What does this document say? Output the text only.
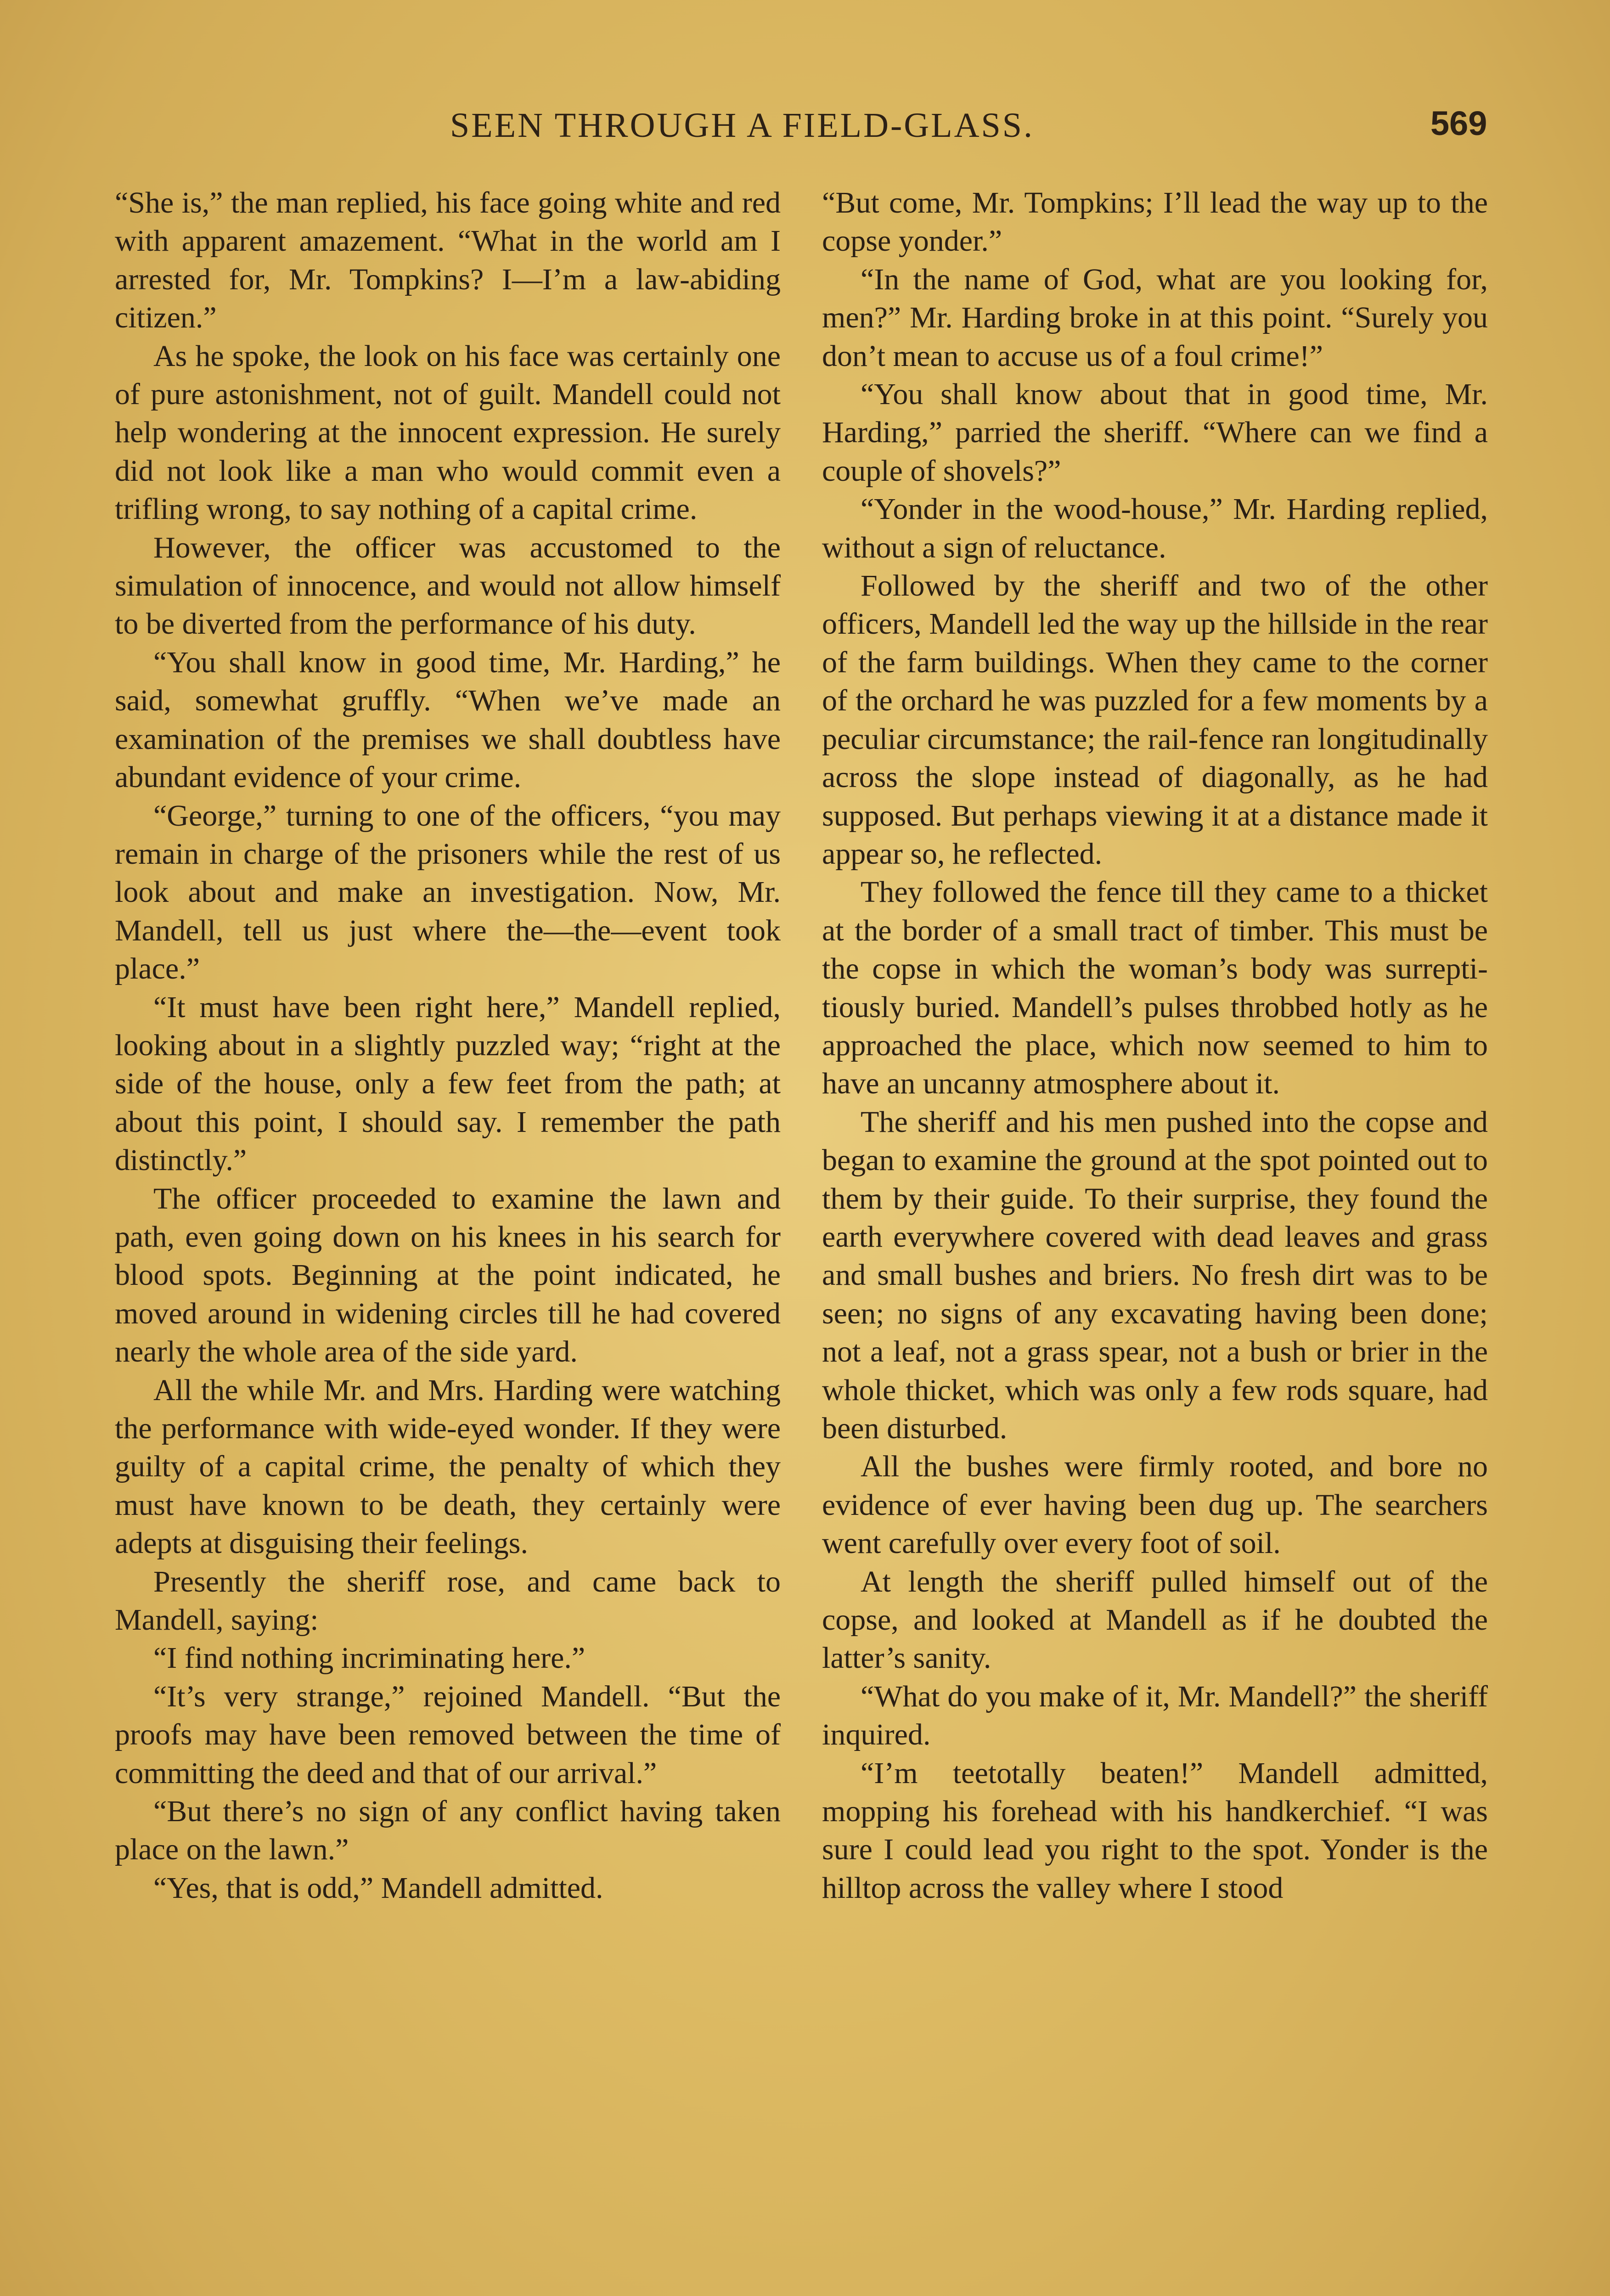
SEEN THROUGH A FIELD-GLASS.	569

“She is,” the man replied, his face going white and red with apparent amazement. “What in the world am I arrested for, Mr. Tompkins? I—I’m a law-abiding citizen.”

As he spoke, the look on his face was certainly one of pure astonishment, not of guilt. Mandell could not help wondering at the innocent expression. He surely did not look like a man who would commit even a trifling wrong, to say nothing of a capital crime.

However, the officer was accustomed to the simulation of innocence, and would not allow himself to be diverted from the performance of his duty.

“You shall know in good time, Mr. Harding,” he said, somewhat gruffly. “When we’ve made an examination of the premises we shall doubtless have abundant evidence of your crime.

“George,” turning to one of the officers, “you may remain in charge of the prisoners while the rest of us look about and make an investigation. Now, Mr. Mandell, tell us just where the—the—event took place.”

“It must have been right here,” Mandell replied, looking about in a slightly puzzled way; “right at the side of the house, only a few feet from the path; at about this point, I should say. I remember the path distinctly.”

The officer proceeded to examine the lawn and path, even going down on his knees in his search for blood spots. Beginning at the point indicated, he moved around in widening circles till he had covered nearly the whole area of the side yard.

All the while Mr. and Mrs. Harding were watching the performance with wide-eyed wonder. If they were guilty of a capital crime, the penalty of which they must have known to be death, they certainly were adepts at disguising their feelings.

Presently the sheriff rose, and came back to Mandell, saying:

“I find nothing incriminating here.”

“It’s very strange,” rejoined Mandell. “But the proofs may have been removed between the time of committing the deed and that of our arrival.”

“But there’s no sign of any conflict having taken place on the lawn.”

“Yes, that is odd,” Mandell admitted.

“But come, Mr. Tompkins; I’ll lead the way up to the copse yonder.”

“In the name of God, what are you looking for, men?” Mr. Harding broke in at this point. “Surely you don’t mean to accuse us of a foul crime!”

“You shall know about that in good time, Mr. Harding,” parried the sheriff. “Where can we find a couple of shovels?”

“Yonder in the wood-house,” Mr. Harding replied, without a sign of reluctance.

Followed by the sheriff and two of the other officers, Mandell led the way up the hillside in the rear of the farm buildings. When they came to the corner of the orchard he was puzzled for a few moments by a peculiar circumstance; the rail-fence ran longitudinally across the slope instead of diagonally, as he had supposed. But perhaps viewing it at a distance made it appear so, he reflected.

They followed the fence till they came to a thicket at the border of a small tract of timber. This must be the copse in which the woman’s body was surreptitiously buried. Mandell’s pulses throbbed hotly as he approached the place, which now seemed to him to have an uncanny atmosphere about it.

The sheriff and his men pushed into the copse and began to examine the ground at the spot pointed out to them by their guide. To their surprise, they found the earth everywhere covered with dead leaves and grass and small bushes and briers. No fresh dirt was to be seen; no signs of any excavating having been done; not a leaf, not a grass spear, not a bush or brier in the whole thicket, which was only a few rods square, had been disturbed.

All the bushes were firmly rooted, and bore no evidence of ever having been dug up. The searchers went carefully over every foot of soil.

At length the sheriff pulled himself out of the copse, and looked at Mandell as if he doubted the latter’s sanity.

“What do you make of it, Mr. Mandell?” the sheriff inquired.

“I’m teetotally beaten!” Mandell admitted, mopping his forehead with his handkerchief. “I was sure I could lead you right to the spot. Yonder is the hilltop across the valley where I stood
